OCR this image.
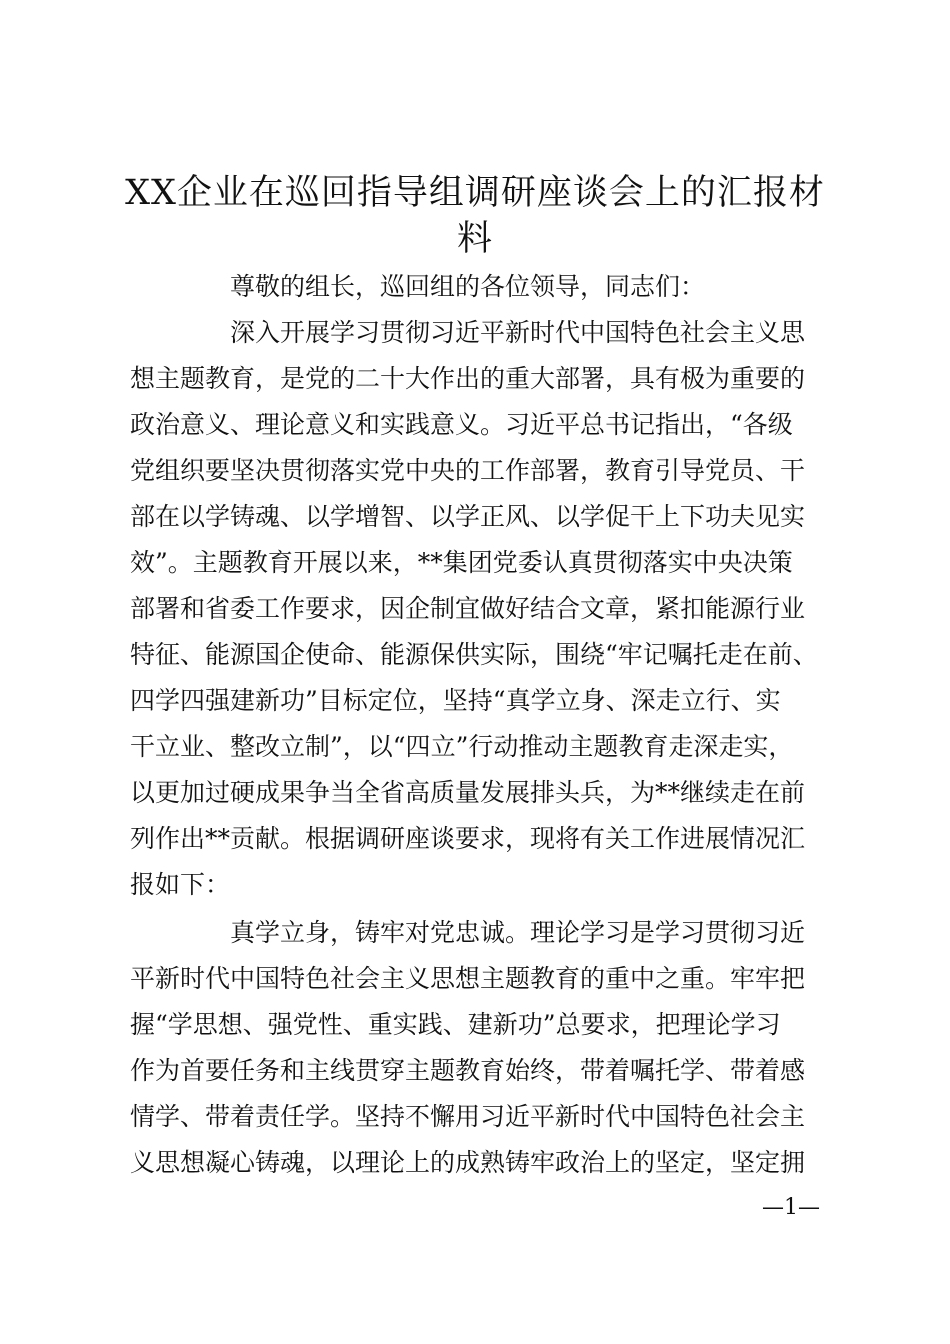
XX企业在巡回指导组调研座谈会上的汇报材
料

尊敬的组长，巡回组的各位领导，同志们：

深入开展学习贯彻习近平新时代中国特色社会主义思

想主题教育，是党的二十大作出的重大部署，具有极为重要的

政治意义、理论意义和实践意义。习近平总书记指出，“各级

党组织要坚决贯彻落实党中央的工作部署，教育引导党员、干

部在以学铸魂、以学增智、以学正风、以学促干上下功夫见实

效”。主题教育开展以来，**集团党委认真贯彻落实中央决策

部署和省委工作要求，因企制宜做好结合文章，紧扣能源行业

特征、能源国企使命、能源保供实际，围绕“牢记嘱托走在前、

四学四强建新功”目标定位，坚持“真学立身、深走立行、实

干立业、整改立制”，以“四立”行动推动主题教育走深走实，

以更加过硬成果争当全省高质量发展排头兵，为**继续走在前

列作出**贡献。根据调研座谈要求，现将有关工作进展情况汇

报如下：

真学立身，铸牢对党忠诚。理论学习是学习贯彻习近

平新时代中国特色社会主义思想主题教育的重中之重。牢牢把

握“学思想、强党性、重实践、建新功”总要求，把理论学习

作为首要任务和主线贯穿主题教育始终，带着嘱托学、带着感

情学、带着责任学。坚持不懈用习近平新时代中国特色社会主

义思想凝心铸魂，以理论上的成熟铸牢政治上的坚定，坚定拥

—1—
